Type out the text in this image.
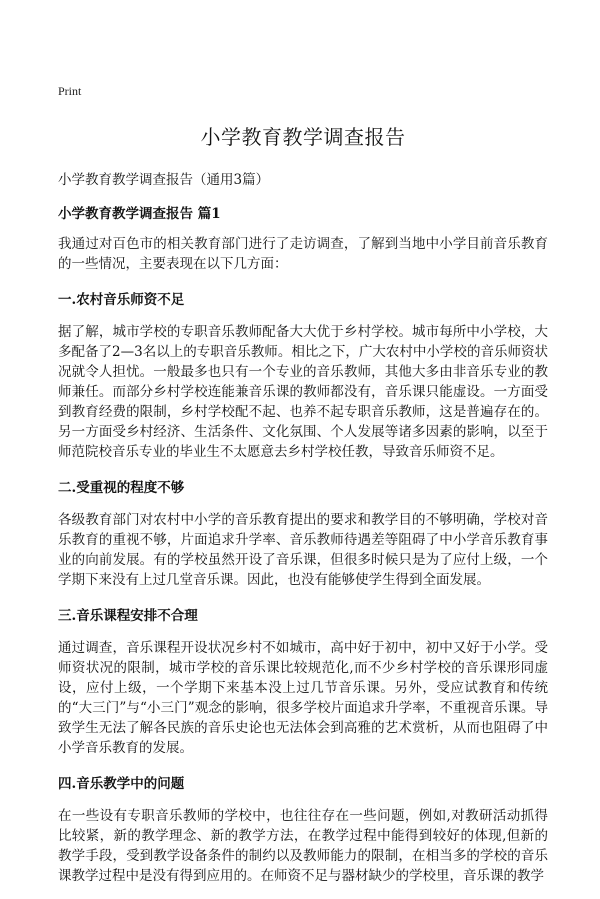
Print
小学教育教学调查报告

小学教育教学调查报告（通用3篇）

小学教育教学调查报告 篇1

我通过对百色市的相关教育部门进行了走访调查，了解到当地中小学目前音乐教育的一些情况，主要表现在以下几方面：

一.农村音乐师资不足

据了解，城市学校的专职音乐教师配备大大优于乡村学校。城市每所中小学校，大多配备了2—3名以上的专职音乐教师。相比之下，广大农村中小学校的音乐师资状况就令人担忧。一般最多也只有一个专业的音乐教师，其他大多由非音乐专业的教师兼任。而部分乡村学校连能兼音乐课的教师都没有，音乐课只能虚设。一方面受到教育经费的限制，乡村学校配不起、也养不起专职音乐教师，这是普遍存在的。另一方面受乡村经济、生活条件、文化氛围、个人发展等诸多因素的影响，以至于师范院校音乐专业的毕业生不太愿意去乡村学校任教，导致音乐师资不足。

二.受重视的程度不够

各级教育部门对农村中小学的音乐教育提出的要求和教学目的不够明确，学校对音乐教育的重视不够，片面追求升学率、音乐教师待遇差等阻碍了中小学音乐教育事业的向前发展。有的学校虽然开设了音乐课，但很多时候只是为了应付上级，一个学期下来没有上过几堂音乐课。因此，也没有能够使学生得到全面发展。

三.音乐课程安排不合理

通过调查，音乐课程开设状况乡村不如城市，高中好于初中，初中又好于小学。受师资状况的限制，城市学校的音乐课比较规范化,而不少乡村学校的音乐课形同虚设，应付上级，一个学期下来基本没上过几节音乐课。另外，受应试教育和传统的“大三门”与“小三门”观念的影响，很多学校片面追求升学率，不重视音乐课。导致学生无法了解各民族的音乐史论也无法体会到高雅的艺术赏析，从而也阻碍了中小学音乐教育的发展。

四.音乐教学中的问题

在一些设有专职音乐教师的学校中，也往往存在一些问题，例如,对教研活动抓得比较紧，新的教学理念、新的教学方法，在教学过程中能得到较好的体现,但新的教学手段，受到教学设备条件的制约以及教师能力的限制，在相当多的学校的音乐课教学过程中是没有得到应用的。在师资不足与器材缺少的学校里，音乐课的教学
